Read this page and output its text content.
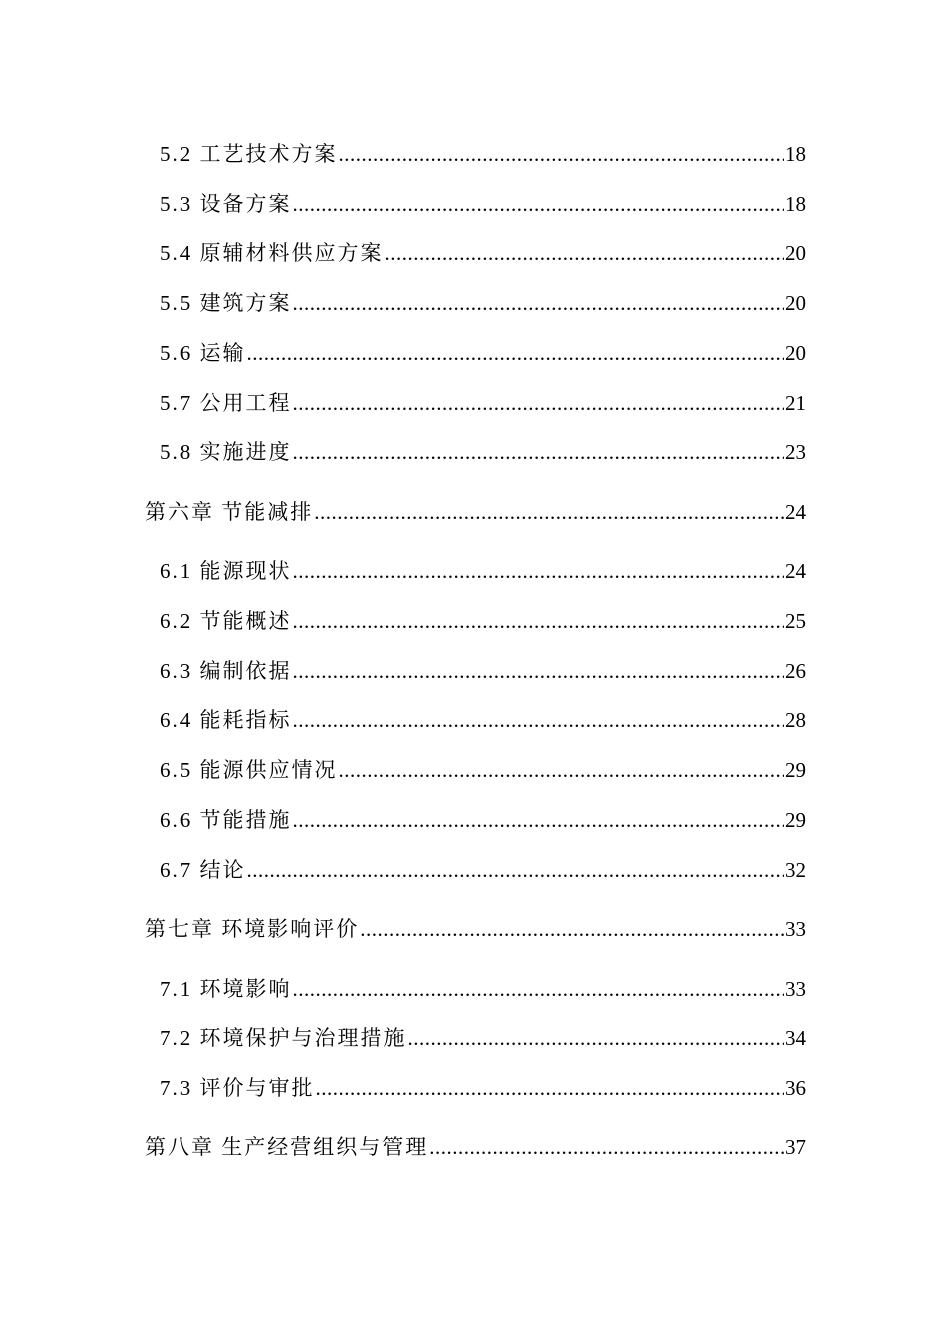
5.2 工艺技术方案 .....	18
5.3 设备方案 .....	18
5.4 原辅材料供应方案 .....	20
5.5 建筑方案 .....	20
5.6 运输 .....	20
5.7 公用工程 .....	21
5.8 实施进度 .....	23
第六章 节能减排 .....	24
6.1 能源现状 .....	24
6.2 节能概述 .....	25
6.3 编制依据 .....	26
6.4 能耗指标 .....	28
6.5 能源供应情况 .....	29
6.6 节能措施 .....	29
6.7 结论 .....	32
第七章 环境影响评价 .....	33
7.1 环境影响 .....	33
7.2 环境保护与治理措施 .....	34
7.3 评价与审批 .....	36
第八章 生产经营组织与管理 .....	37
